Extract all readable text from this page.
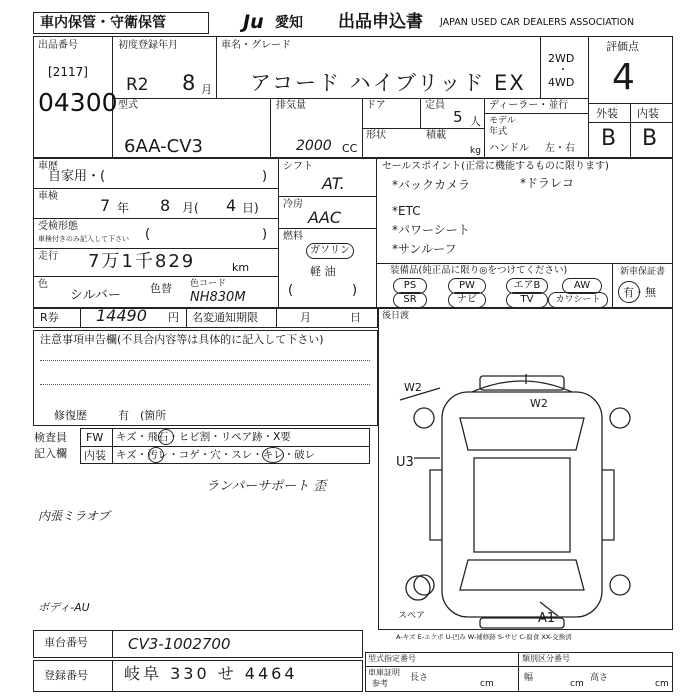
車内保管・守衛保管	Ju 愛知 出品申込書 JAPAN USED CAR DEALERS ASSOCIATION
出品番号
[2117]
04300
初度登録年月
R2 8 月
車名・グレード
アコード ハイブリッド EX
2WD
・
4WD
評価点
4
外装 内装
B B
型式
6AA-CV3
排気量
2000 CC
ドア	定員
5 人
ディーラー・並行
モデル
年式
ハンドル 左・右
形状	積載
kg
車歴
自家用・(	)
車検	7 年 8 月( 4 日)
受検形態
車検付きのみ記入して下さい (	)
走行 7万1千829	km
色
シルバー	色替 色コード
NH830M
シフト
AT.
冷房
AAC
燃料
ガソリン
軽 油
(	)
セールスポイント(正常に機能するものに限ります)
*バックカメラ	*ドラレコ
*ETC
*パワーシート
*サンルーフ
装備品(純正品に限り◎をつけてください)
PS	PW	エアB	AW
SR	ナビ	TV	カワシート
新車保証書
有・無
R券 14490 円 名変通知期限	月	日
注意事項申告欄(不具合内容等は具体的に記入して下さい)
修復歴	有 (箇所
後日渡
検査員
記入欄
FW キズ・飛石・ヒビ割・リペア跡・X要
内装 キズ・汚レ・コゲ・穴・スレ・キレ・破レ
ランパーサポート 歪
内張ミラオブ
ボディ-AU
W2
W2
U3
A1
スペア
A-キズ E-エクボ U-凹み W-補修跡 S-サビ C-腐食 XX-交換済
車台番号	CV3-1002700
登録番号 岐阜 330 せ 4464
型式指定番号	類別区分番号
車庫証明
参考
長さ
cm
幅
cm
高さ
cm
